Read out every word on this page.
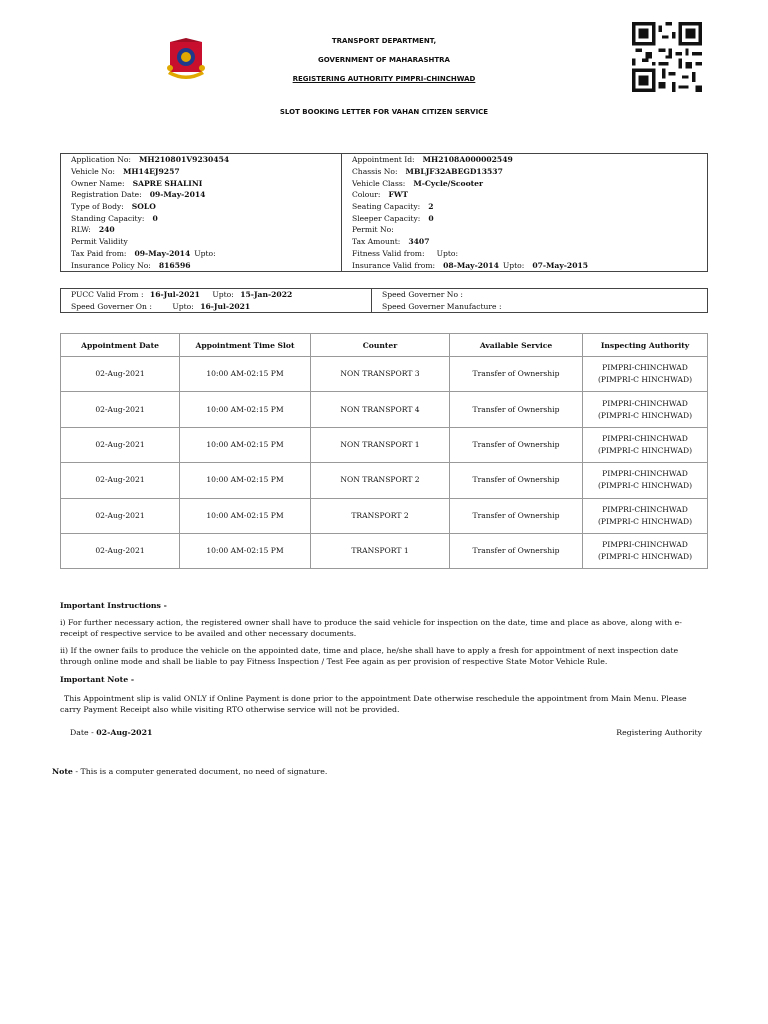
TRANSPORT DEPARTMENT,
GOVERNMENT OF MAHARASHTRA
REGISTERING AUTHORITY PIMPRI-CHINCHWAD
SLOT BOOKING LETTER FOR VAHAN CITIZEN SERVICE
Application No: MH210801V9230454	Appointment Id: MH2108A000002549
Vehicle No: MH14EJ9257	Chassis No: MBLJF32ABEGD13537
Owner Name: SAPRE SHALINI	Vehicle Class: M-Cycle/Scooter
Registration Date: 09-May-2014	Colour: FWT
Type of Body: SOLO	Seating Capacity: 2
Standing Capacity: 0	Sleeper Capacity: 0
RLW: 240	Permit No:
Permit Validity	Tax Amount: 3407
Tax Paid from: 09-May-2014 Upto:	Fitness Valid from: Upto:
Insurance Policy No: 816596	Insurance Valid from: 08-May-2014 Upto: 07-May-2015
PUCC Valid From : 16-Jul-2021 Upto: 15-Jan-2022	Speed Governer No :
Speed Governer On : Upto: 16-Jul-2021	Speed Governer Manufacture :
Appointment Date	Appointment Time Slot	Counter	Available Service	Inspecting Authority
02-Aug-2021	10:00 AM-02:15 PM	NON TRANSPORT 3	Transfer of Ownership	PIMPRI-CHINCHWAD (PIMPRI-C HINCHWAD)
02-Aug-2021	10:00 AM-02:15 PM	NON TRANSPORT 4	Transfer of Ownership	PIMPRI-CHINCHWAD (PIMPRI-C HINCHWAD)
02-Aug-2021	10:00 AM-02:15 PM	NON TRANSPORT 1	Transfer of Ownership	PIMPRI-CHINCHWAD (PIMPRI-C HINCHWAD)
02-Aug-2021	10:00 AM-02:15 PM	NON TRANSPORT 2	Transfer of Ownership	PIMPRI-CHINCHWAD (PIMPRI-C HINCHWAD)
02-Aug-2021	10:00 AM-02:15 PM	TRANSPORT 2	Transfer of Ownership	PIMPRI-CHINCHWAD (PIMPRI-C HINCHWAD)
02-Aug-2021	10:00 AM-02:15 PM	TRANSPORT 1	Transfer of Ownership	PIMPRI-CHINCHWAD (PIMPRI-C HINCHWAD)
Important Instructions -
i) For further necessary action, the registered owner shall have to produce the said vehicle for inspection on the date, time and place as above, along with e-receipt of respective service to be availed and other necessary documents.
ii) If the owner fails to produce the vehicle on the appointed date, time and place, he/she shall have to apply a fresh for appointment of next inspection date through online mode and shall be liable to pay Fitness Inspection / Test Fee again as per provision of respective State Motor Vehicle Rule.
Important Note -
This Appointment slip is valid ONLY if Online Payment is done prior to the appointment Date otherwise reschedule the appointment from Main Menu. Please carry Payment Receipt also while visiting RTO otherwise service will not be provided.
Date - 02-Aug-2021	Registering Authority
Note - This is a computer generated document, no need of signature.
